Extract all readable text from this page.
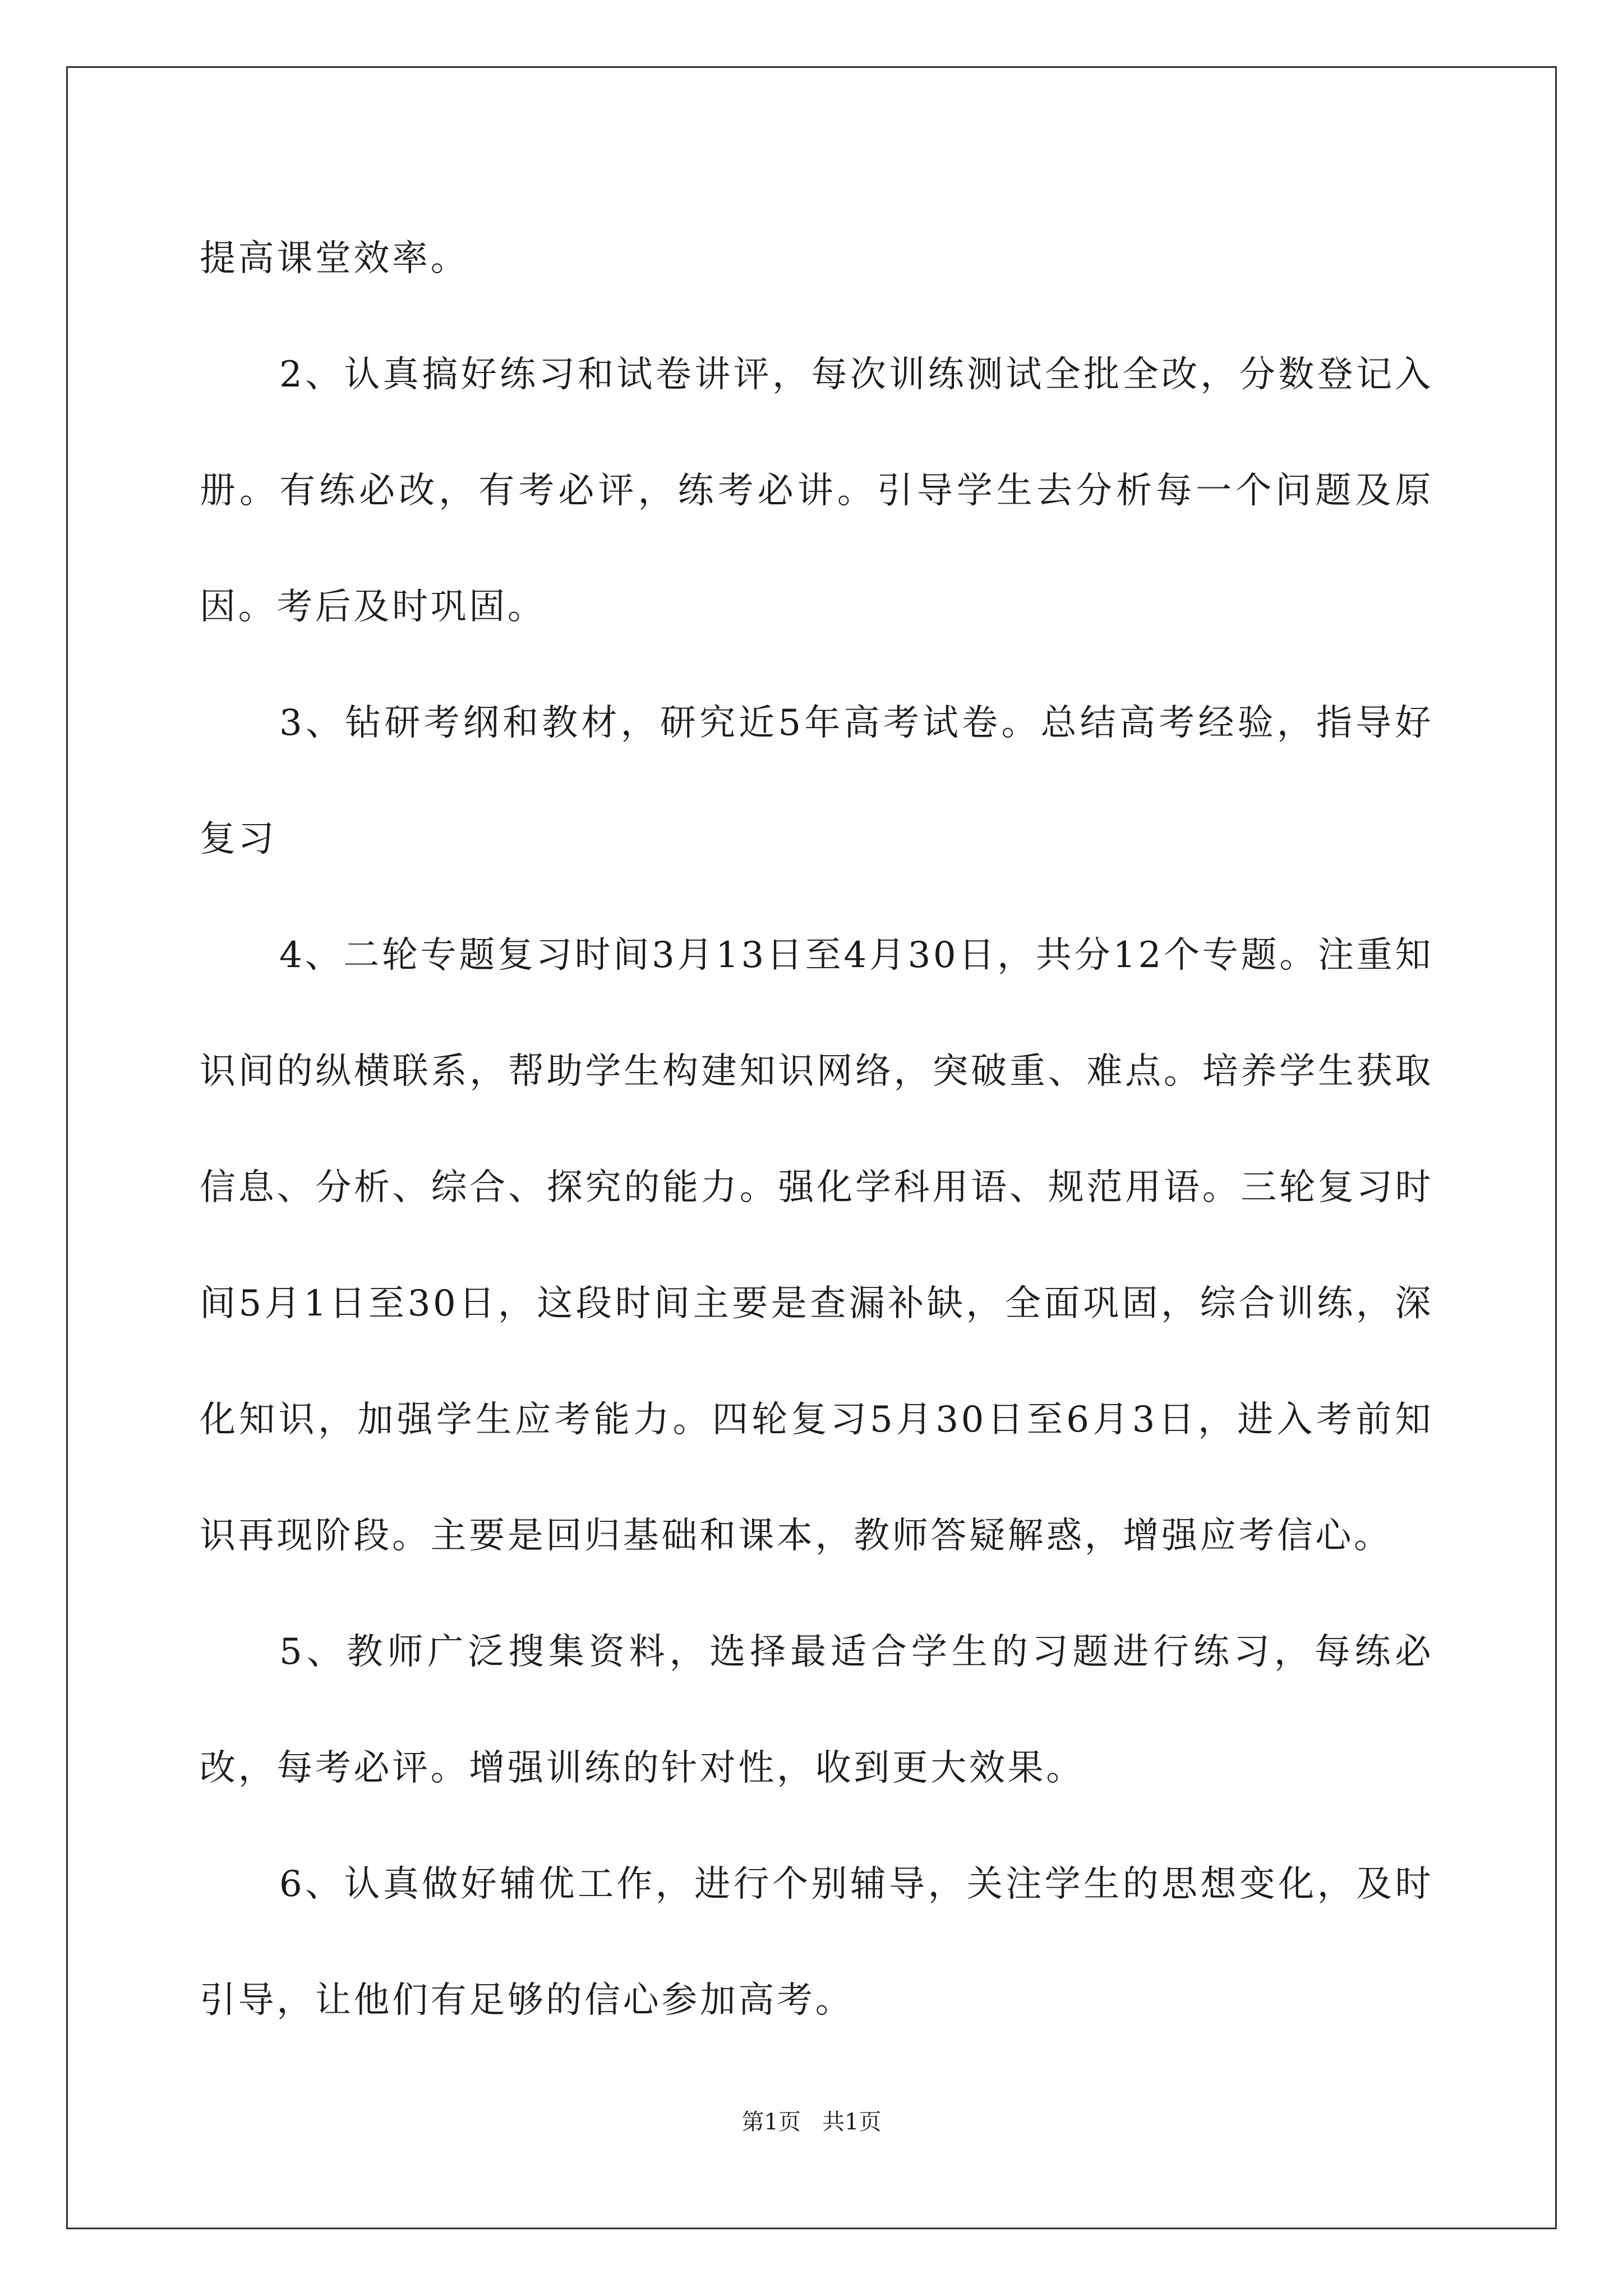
提高课堂效率。

2、认真搞好练习和试卷讲评，每次训练测试全批全改，分数登记入册。有练必改，有考必评，练考必讲。引导学生去分析每一个问题及原因。考后及时巩固。

3、钻研考纲和教材，研究近5年高考试卷。总结高考经验，指导好复习

4、二轮专题复习时间3月13日至4月30日，共分12个专题。注重知识间的纵横联系，帮助学生构建知识网络，突破重、难点。培养学生获取信息、分析、综合、探究的能力。强化学科用语、规范用语。三轮复习时间5月1日至30日，这段时间主要是查漏补缺，全面巩固，综合训练，深化知识，加强学生应考能力。四轮复习5月30日至6月3日，进入考前知识再现阶段。主要是回归基础和课本，教师答疑解惑，增强应考信心。

5、教师广泛搜集资料，选择最适合学生的习题进行练习，每练必改，每考必评。增强训练的针对性，收到更大效果。

6、认真做好辅优工作，进行个别辅导，关注学生的思想变化，及时引导，让他们有足够的信心参加高考。

第1页   共1页
